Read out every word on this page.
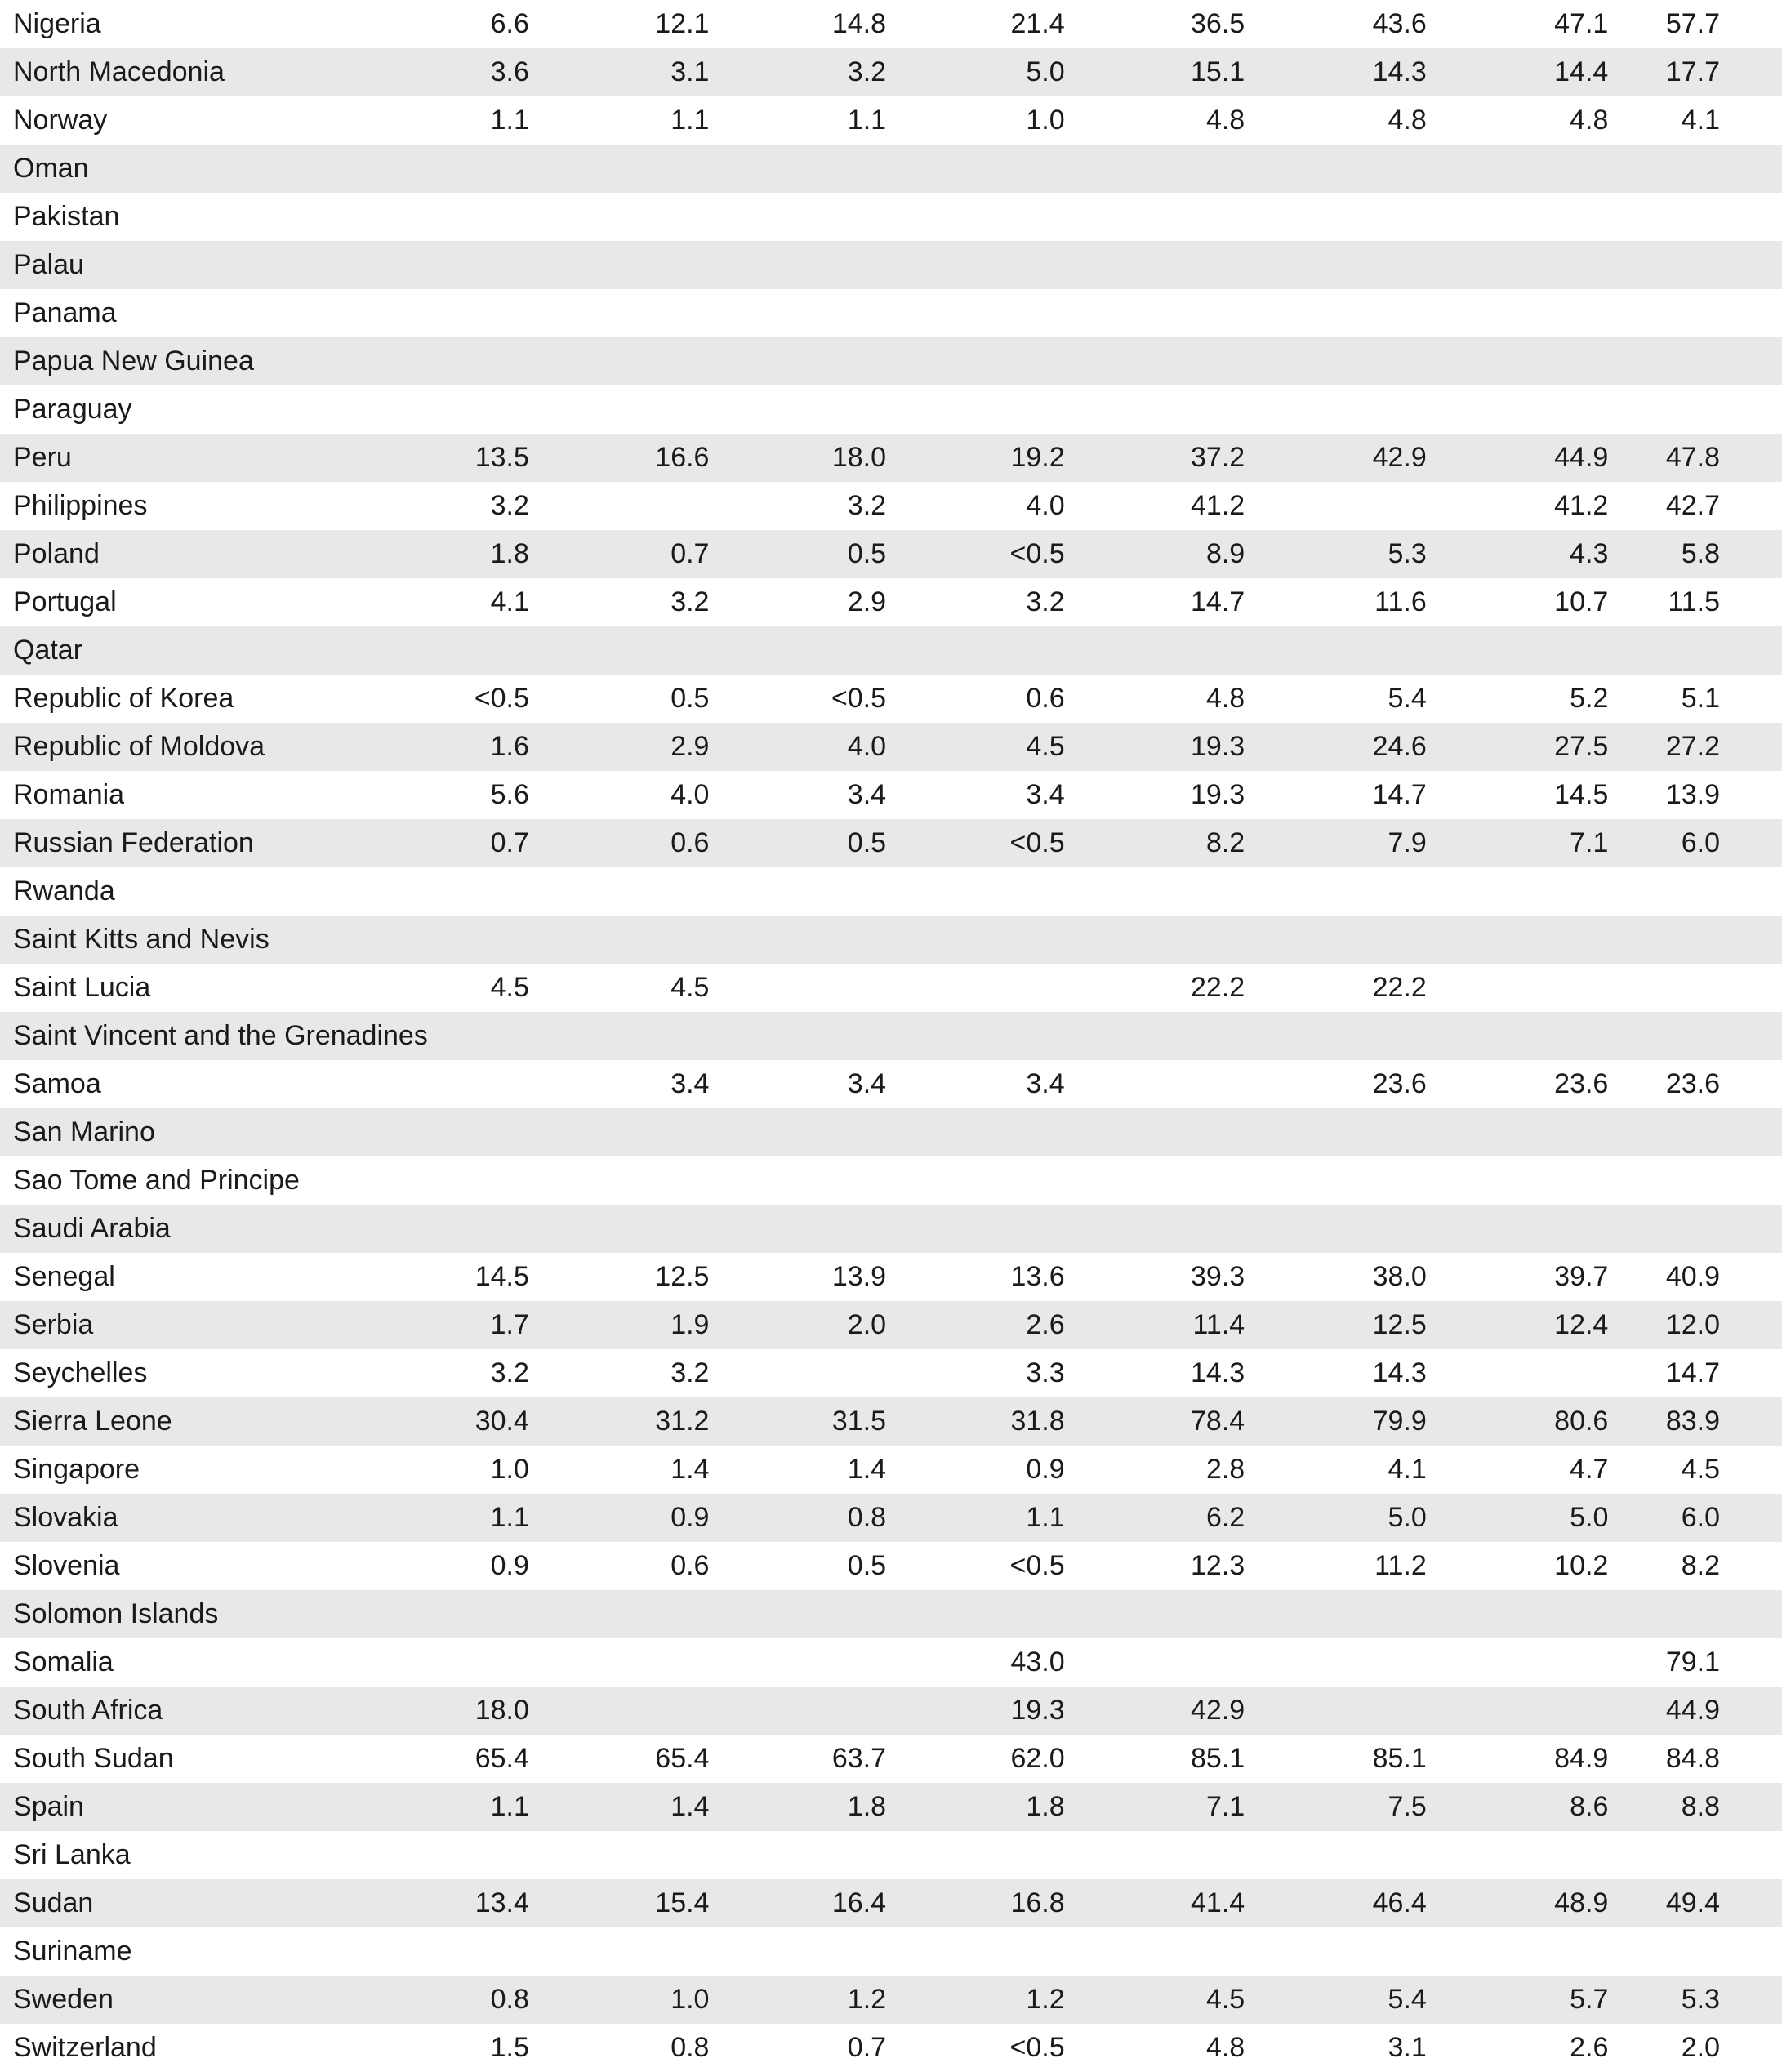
Nigeria	6.6	12.1	14.8	21.4	36.5	43.6	47.1	57.7
North Macedonia	3.6	3.1	3.2	5.0	15.1	14.3	14.4	17.7
Norway	1.1	1.1	1.1	1.0	4.8	4.8	4.8	4.1
Oman								
Pakistan								
Palau								
Panama								
Papua New Guinea								
Paraguay								
Peru	13.5	16.6	18.0	19.2	37.2	42.9	44.9	47.8
Philippines	3.2		3.2	4.0	41.2		41.2	42.7
Poland	1.8	0.7	0.5	<0.5	8.9	5.3	4.3	5.8
Portugal	4.1	3.2	2.9	3.2	14.7	11.6	10.7	11.5
Qatar								
Republic of Korea	<0.5	0.5	<0.5	0.6	4.8	5.4	5.2	5.1
Republic of Moldova	1.6	2.9	4.0	4.5	19.3	24.6	27.5	27.2
Romania	5.6	4.0	3.4	3.4	19.3	14.7	14.5	13.9
Russian Federation	0.7	0.6	0.5	<0.5	8.2	7.9	7.1	6.0
Rwanda								
Saint Kitts and Nevis								
Saint Lucia	4.5	4.5			22.2	22.2		
Saint Vincent and the Grenadines								
Samoa		3.4	3.4	3.4		23.6	23.6	23.6
San Marino								
Sao Tome and Principe								
Saudi Arabia								
Senegal	14.5	12.5	13.9	13.6	39.3	38.0	39.7	40.9
Serbia	1.7	1.9	2.0	2.6	11.4	12.5	12.4	12.0
Seychelles	3.2	3.2		3.3	14.3	14.3		14.7
Sierra Leone	30.4	31.2	31.5	31.8	78.4	79.9	80.6	83.9
Singapore	1.0	1.4	1.4	0.9	2.8	4.1	4.7	4.5
Slovakia	1.1	0.9	0.8	1.1	6.2	5.0	5.0	6.0
Slovenia	0.9	0.6	0.5	<0.5	12.3	11.2	10.2	8.2
Solomon Islands								
Somalia				43.0				79.1
South Africa	18.0			19.3	42.9			44.9
South Sudan	65.4	65.4	63.7	62.0	85.1	85.1	84.9	84.8
Spain	1.1	1.4	1.8	1.8	7.1	7.5	8.6	8.8
Sri Lanka								
Sudan	13.4	15.4	16.4	16.8	41.4	46.4	48.9	49.4
Suriname								
Sweden	0.8	1.0	1.2	1.2	4.5	5.4	5.7	5.3
Switzerland	1.5	0.8	0.7	<0.5	4.8	3.1	2.6	2.0
